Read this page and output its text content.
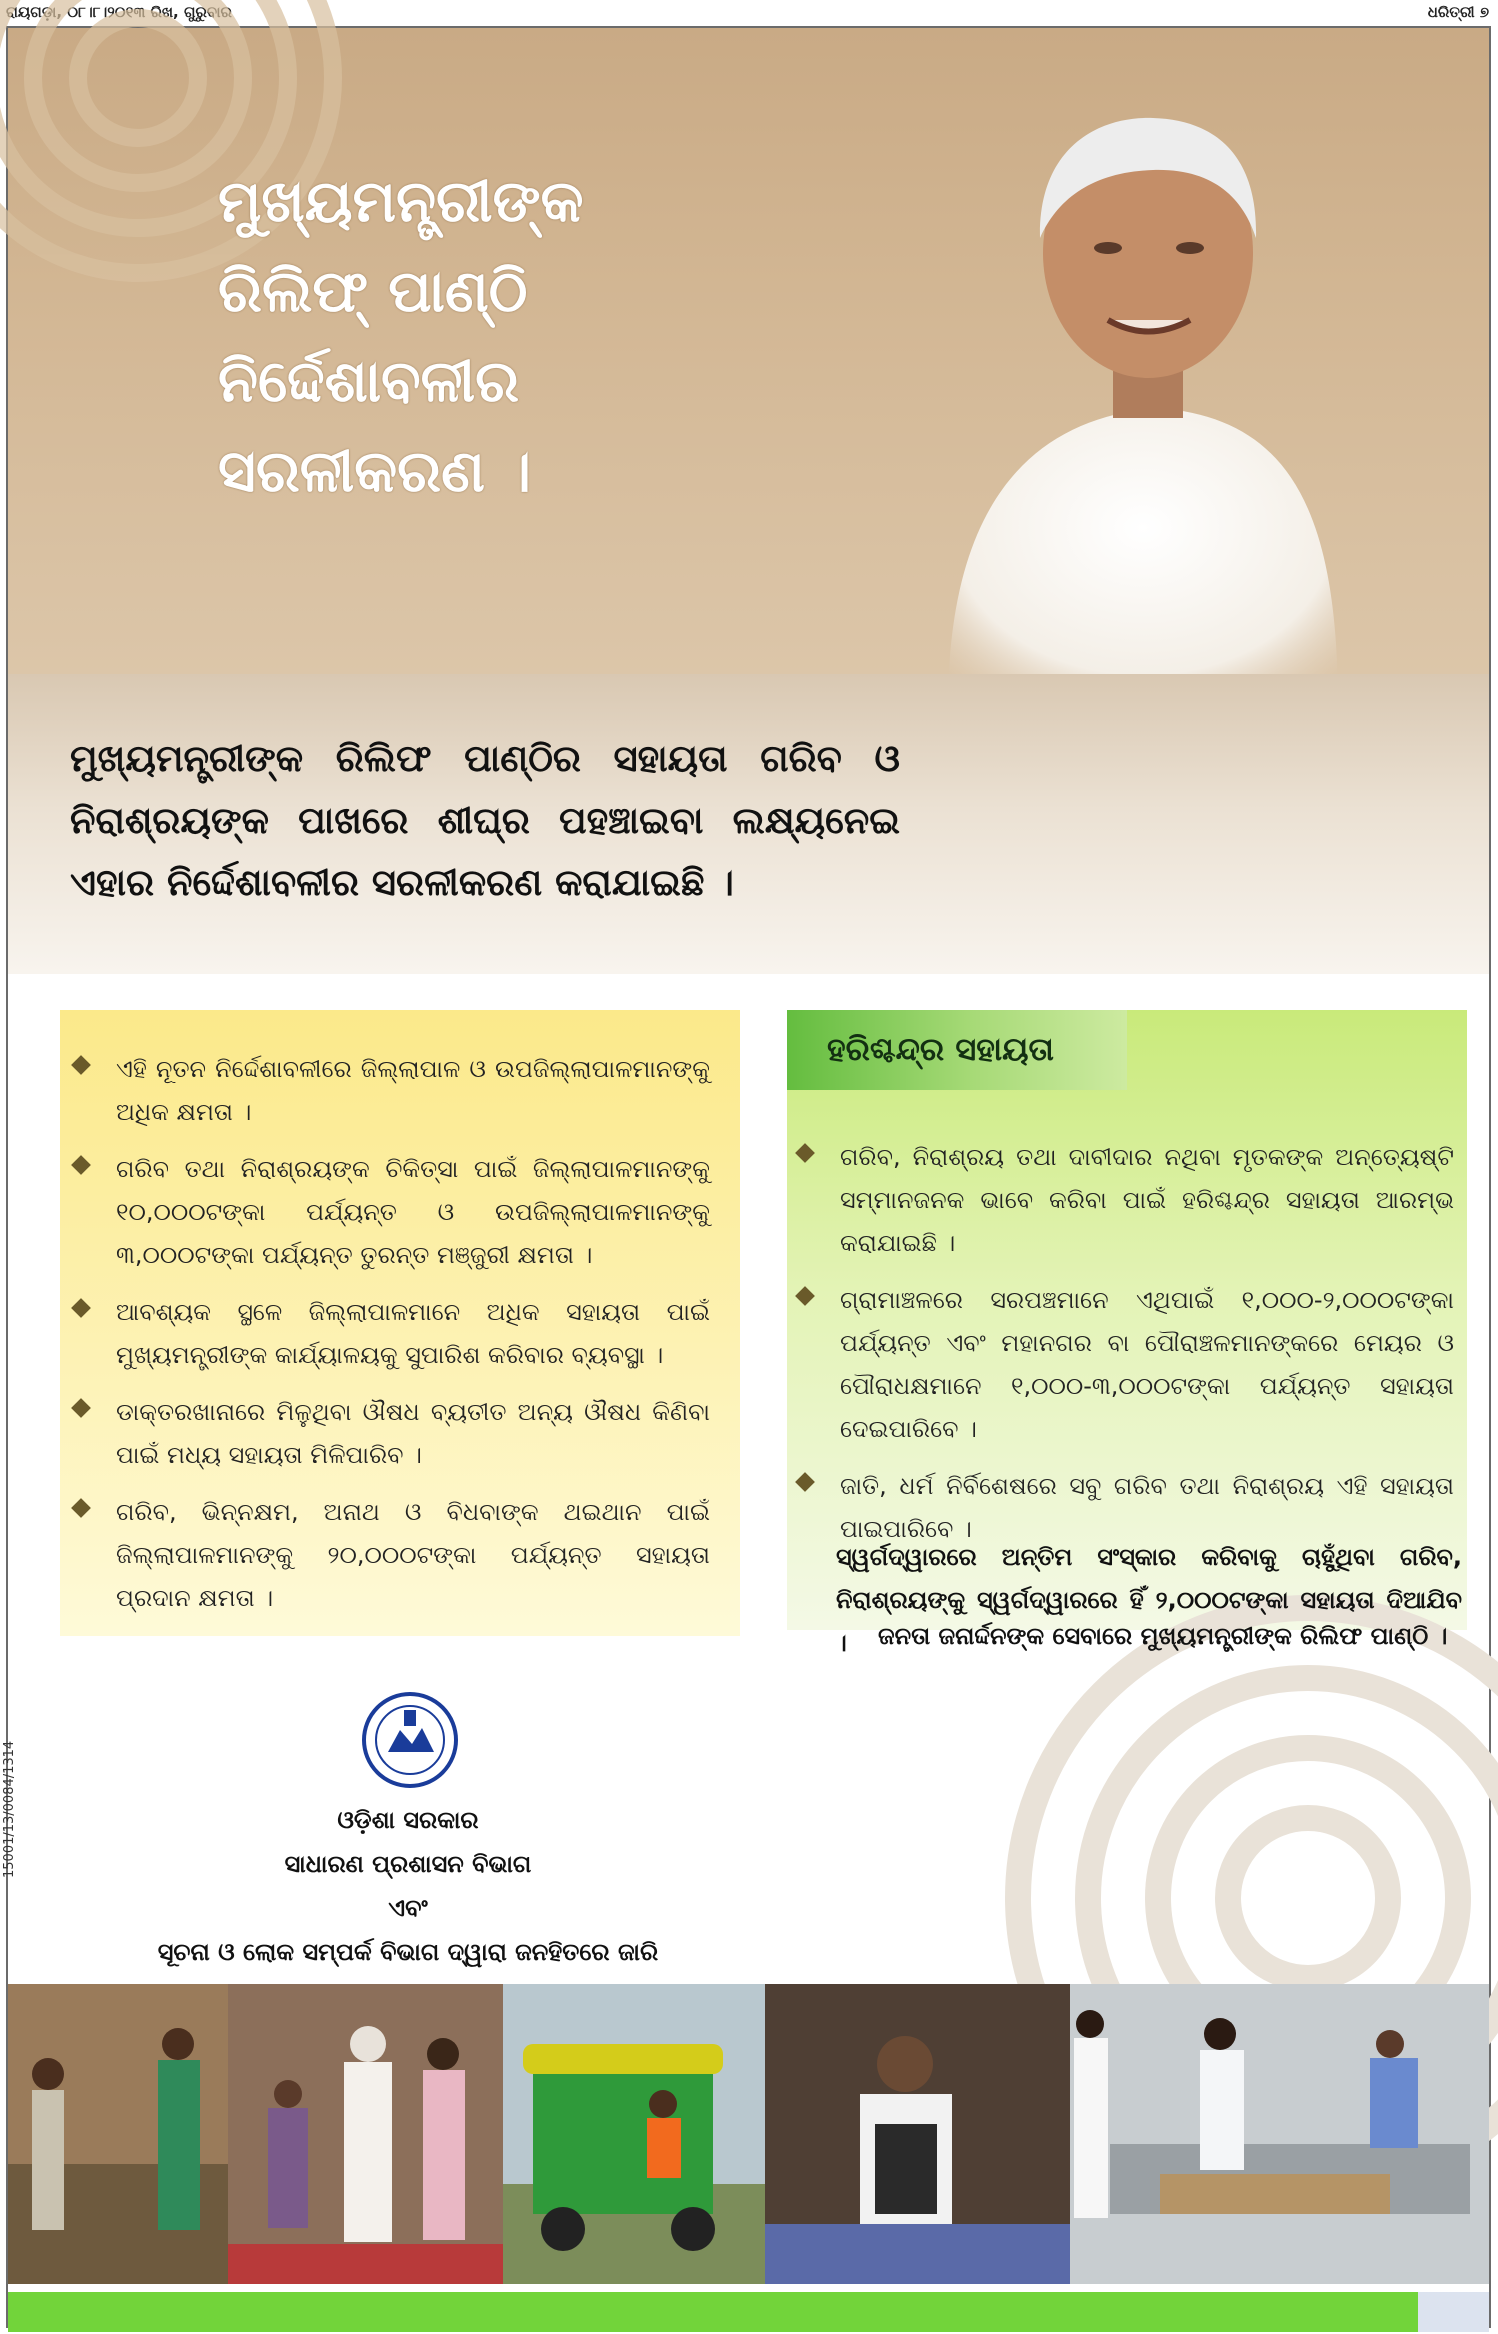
ରାୟଗଡ଼ା, ୦୮।୮।୨୦୧୩ ରିଖ, ଗୁରୁବାର	ଧରିତ୍ରୀ ୭
ମୁଖ୍ୟମନ୍ତ୍ରୀଙ୍କ
ରିଲିଫ୍ ପାଣ୍ଠି
ନିର୍ଦ୍ଦେଶାବଳୀର
ସରଳୀକରଣ ।
ମୁଖ୍ୟମନ୍ତ୍ରୀଙ୍କ ରିଲିଫ ପାଣ୍ଠିର ସହାୟତା ଗରିବ ଓ ନିରାଶ୍ରୟଙ୍କ ପାଖରେ ଶୀଘ୍ର ପହଞ୍ଚାଇବା ଲକ୍ଷ୍ୟନେଇ ଏହାର ନିର୍ଦ୍ଦେଶାବଳୀର ସରଳୀକରଣ କରାଯାଇଛି ।
ଏହି ନୂତନ ନିର୍ଦ୍ଦେଶାବଳୀରେ ଜିଲ୍ଲାପାଳ ଓ ଉପଜିଲ୍ଲାପାଳମାନଙ୍କୁ ଅଧିକ କ୍ଷମତା ।
ଗରିବ ତଥା ନିରାଶ୍ରୟଙ୍କ ଚିକିତ୍ସା ପାଇଁ ଜିଲ୍ଲାପାଳମାନଙ୍କୁ ୧୦,୦୦୦ଟଙ୍କା ପର୍ଯ୍ୟନ୍ତ ଓ ଉପଜିଲ୍ଲାପାଳମାନଙ୍କୁ ୩,୦୦୦ଟଙ୍କା ପର୍ଯ୍ୟନ୍ତ ତୁରନ୍ତ ମଞ୍ଜୁରୀ କ୍ଷମତା ।
ଆବଶ୍ୟକ ସ୍ଥଳେ ଜିଲ୍ଲାପାଳମାନେ ଅଧିକ ସହାୟତା ପାଇଁ ମୁଖ୍ୟମନ୍ତ୍ରୀଙ୍କ କାର୍ଯ୍ୟାଳୟକୁ ସୁପାରିଶ କରିବାର ବ୍ୟବସ୍ଥା ।
ଡାକ୍ତରଖାନାରେ ମିଳୁଥିବା ଔଷଧ ବ୍ୟତୀତ ଅନ୍ୟ ଔଷଧ କିଣିବା ପାଇଁ ମଧ୍ୟ ସହାୟତା ମିଳିପାରିବ ।
ଗରିବ, ଭିନ୍ନକ୍ଷମ, ଅନାଥ ଓ ବିଧବାଙ୍କ ଥଇଥାନ ପାଇଁ ଜିଲ୍ଲାପାଳମାନଙ୍କୁ ୨୦,୦୦୦ଟଙ୍କା ପର୍ଯ୍ୟନ୍ତ ସହାୟତା ପ୍ରଦାନ କ୍ଷମତା ।
ହରିଶ୍ଚନ୍ଦ୍ର ସହାୟତା
ଗରିବ, ନିରାଶ୍ରୟ ତଥା ଦାବୀଦାର ନଥିବା ମୃତକଙ୍କ ଅନ୍ତ୍ୟେଷ୍ଟି ସମ୍ମାନଜନକ ଭାବେ କରିବା ପାଇଁ ହରିଶ୍ଚନ୍ଦ୍ର ସହାୟତା ଆରମ୍ଭ କରାଯାଇଛି ।
ଗ୍ରାମାଞ୍ଚଳରେ ସରପଞ୍ଚମାନେ ଏଥିପାଇଁ ୧,୦୦୦-୨,୦୦୦ଟଙ୍କା ପର୍ଯ୍ୟନ୍ତ ଏବଂ ମହାନଗର ବା ପୌରାଞ୍ଚଳମାନଙ୍କରେ ମେୟର ଓ ପୌରାଧକ୍ଷମାନେ ୧,୦୦୦-୩,୦୦୦ଟଙ୍କା ପର୍ଯ୍ୟନ୍ତ ସହାୟତା ଦେଇପାରିବେ ।
ଜାତି, ଧର୍ମ ନିର୍ବିଶେଷରେ ସବୁ ଗରିବ ତଥା ନିରାଶ୍ରୟ ଏହି ସହାୟତା ପାଇପାରିବେ ।
ସ୍ୱର୍ଗଦ୍ୱାରରେ ଅନ୍ତିମ ସଂସ୍କାର କରିବାକୁ ଚାହୁଁଥିବା ଗରିବ, ନିରାଶ୍ରୟଙ୍କୁ ସ୍ୱର୍ଗଦ୍ୱାରରେ ହିଁ ୨,୦୦୦ଟଙ୍କା ସହାୟତା ଦିଆଯିବ ।	ଜନତା ଜନାର୍ଦ୍ଦନଙ୍କ ସେବାରେ ମୁଖ୍ୟମନ୍ତ୍ରୀଙ୍କ ରିଲିଫ ପାଣ୍ଠି ।
ଓଡ଼ିଶା ସରକାର
ସାଧାରଣ ପ୍ରଶାସନ ବିଭାଗ
ଏବଂ
ସୂଚନା ଓ ଲୋକ ସମ୍ପର୍କ ବିଭାଗ ଦ୍ୱାରା ଜନହିତରେ ଜାରି
15001/13/0084/1314
